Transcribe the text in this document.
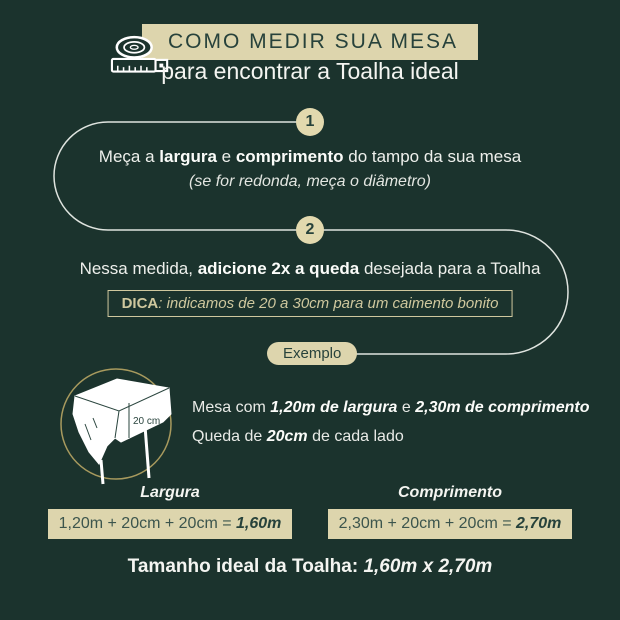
COMO MEDIR SUA MESA
para encontrar a Toalha ideal
1
Meça a largura e comprimento do tampo da sua mesa
(se for redonda, meça o diâmetro)
2
Nessa medida, adicione 2x a queda desejada para a Toalha
DICA: indicamos de 20 a 30cm para um caimento bonito
Exemplo
20 cm
Mesa com 1,20m de largura e 2,30m de comprimento
Queda de 20cm de cada lado
Largura
1,20m + 20cm + 20cm = 1,60m
Comprimento
2,30m + 20cm + 20cm = 2,70m
Tamanho ideal da Toalha: 1,60m x 2,70m
